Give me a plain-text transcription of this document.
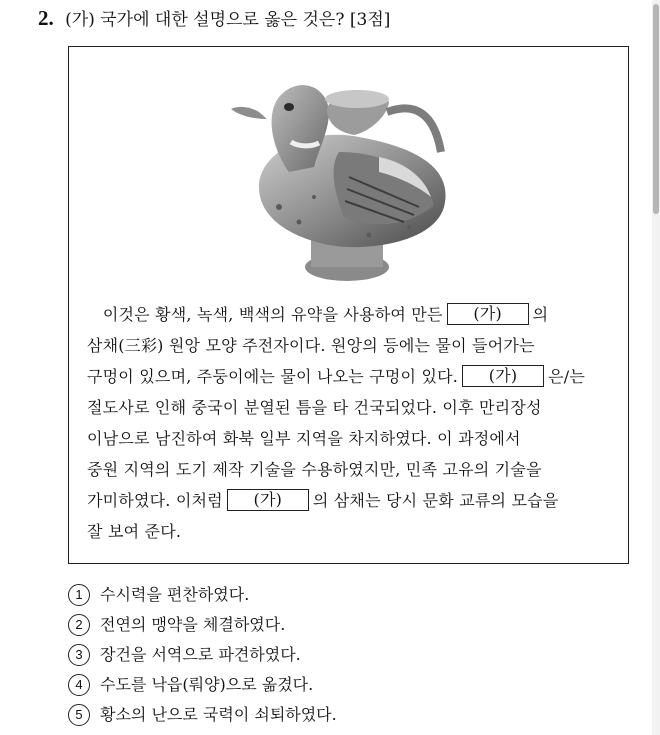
2. (가) 국가에 대한 설명으로 옳은 것은? [3점]
이것은 황색, 녹색, 백색의 유약을 사용하여 만든 (가) 의
삼채(三彩) 원앙 모양 주전자이다. 원앙의 등에는 물이 들어가는
구멍이 있으며, 주둥이에는 물이 나오는 구멍이 있다. (가) 은/는
절도사로 인해 중국이 분열된 틈을 타 건국되었다. 이후 만리장성
이남으로 남진하여 화북 일부 지역을 차지하였다. 이 과정에서
중원 지역의 도기 제작 기술을 수용하였지만, 민족 고유의 기술을
가미하였다. 이처럼 (가) 의 삼채는 당시 문화 교류의 모습을
잘 보여 준다.
1 수시력을 편찬하였다.
2 전연의 맹약을 체결하였다.
3 장건을 서역으로 파견하였다.
4 수도를 낙읍(뤄양)으로 옮겼다.
5 황소의 난으로 국력이 쇠퇴하였다.
